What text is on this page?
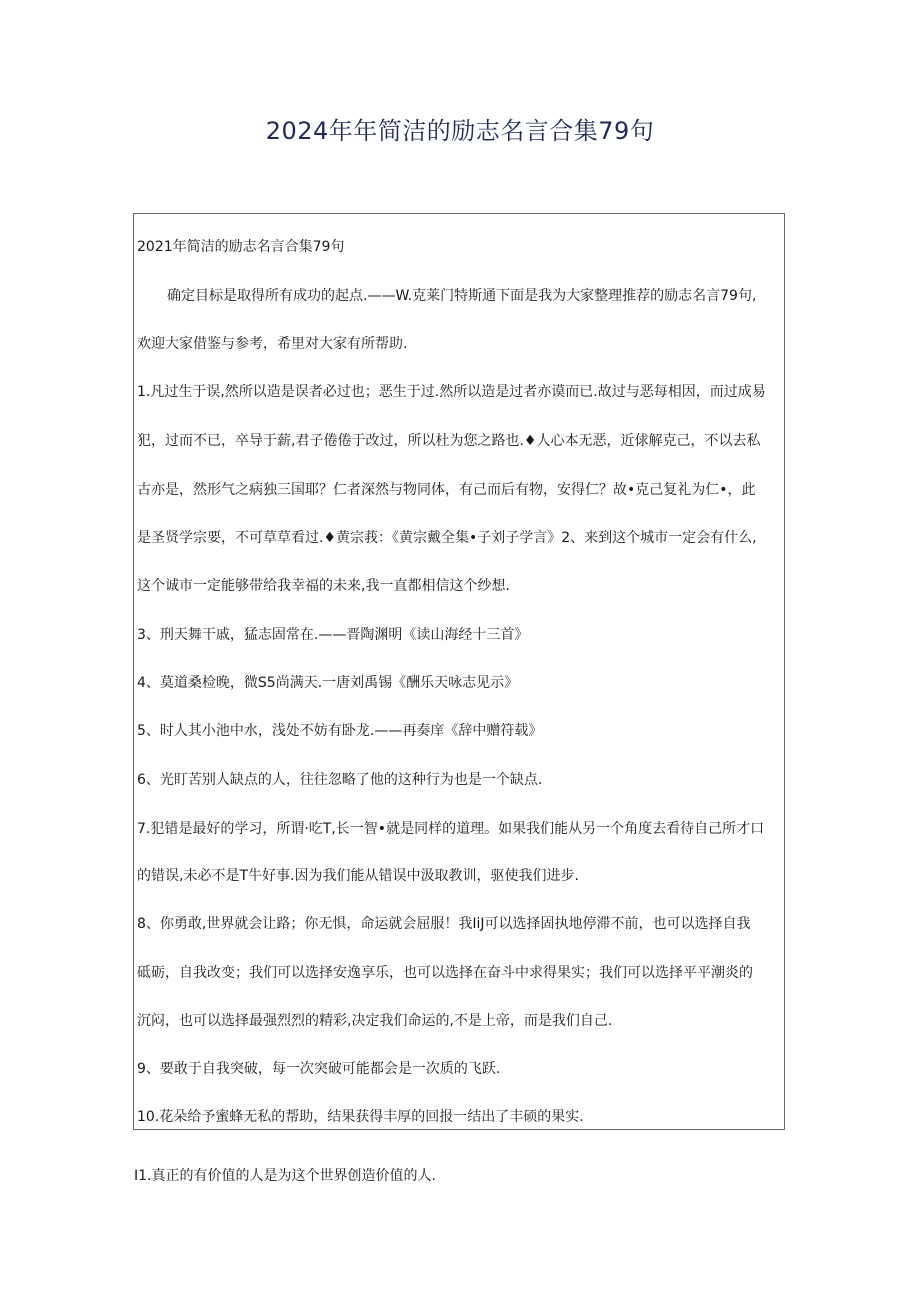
2024年年简洁的励志名言合集79句
2021年简洁的励志名言合集79句
确定目标是取得所有成功的起点.——W.克莱门特斯通下面是我为大家整理推荐的励志名言79句,
欢迎大家借鉴与参考，希里对大家有所帮助.
1.凡过生于误,然所以造是误者必过也；恶生于过.然所以造是过者亦谟而已.故过与恶每相因，而过成易
犯，过而不已，卒导于薪,君子倦倦于改过，所以杜为您之路也.♦人心本无恶，近俅解克己，不以去私
古亦是，然形气之病独三国耶？仁者深然与物同体，有己而后有物，安得仁？故•克己复礼为仁•，此
是圣贤学宗要，不可草草看过.♦黄宗莪：《黄宗戴全集•子刘子学言》2、来到这个城市一定会有什么,
这个诚市一定能够带给我幸福的未来,我一直都相信这个纱想.
3、刑天舞干戚，猛志固常在.——晋陶渊明《读山海经十三首》
4、莫道桑检晚，微S5尚满天.一唐刘禹锡《酬乐天咏志见示》
5、时人其小池中水，浅处不妨有卧龙.——再奏庠《辞中赠符载》
6、光盯苦别人缺点的人，往往忽略了他的这种行为也是一个缺点.
7.犯错是最好的学习，所谓·吃T,长一智•就是同样的道理。如果我们能从另一个角度去看待自己所才口
的错误,未必不是T牛好事.因为我们能从错误中汲取教训，驱使我们进步.
8、你勇敢,世界就会让路；你无惧，命运就会屈服！我IiJ可以选择固执地停滞不前，也可以选择自我
砥砺，自我改变；我们可以选择安逸享乐，也可以选择在奋斗中求得果实；我们可以选择平平潮炎的
沉闷，也可以选择最强烈烈的精彩,决定我们命运的,不是上帝，而是我们自己.
9、要敢于自我突破，每一次突破可能都会是一次质的飞跃.
10.花朵给予蜜蜂无私的帮助，结果获得丰厚的回报一结出了丰硕的果实.
I1.真正的有价值的人是为这个世界创造价值的人.
